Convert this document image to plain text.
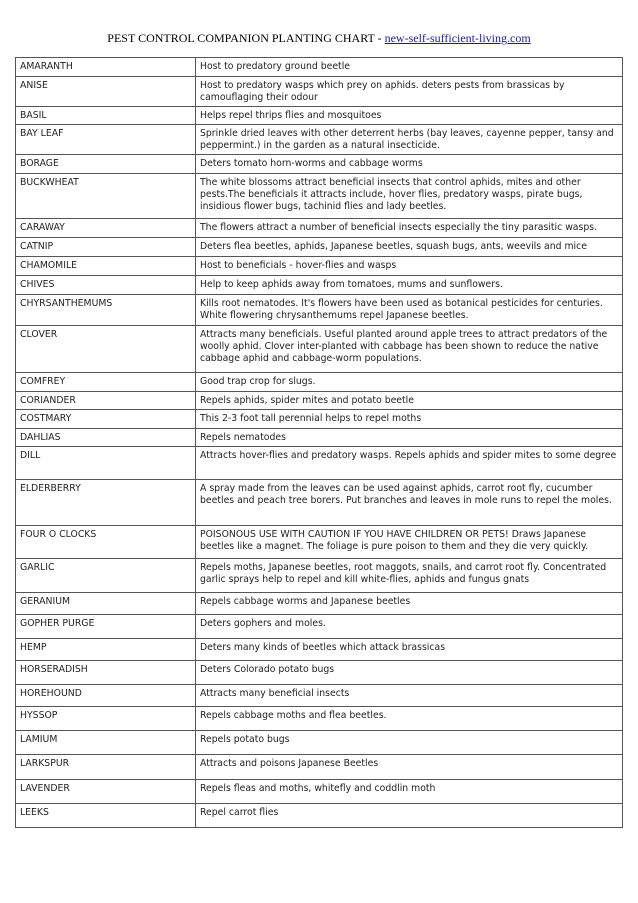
PEST CONTROL COMPANION PLANTING CHART - new-self-sufficient-living.com
AMARANTH	Host to predatory ground beetle
ANISE	Host to predatory wasps which prey on aphids. deters pests from brassicas by camouflaging their odour
BASIL	Helps repel thrips flies and mosquitoes
BAY LEAF	Sprinkle dried leaves with other deterrent herbs (bay leaves, cayenne pepper, tansy and peppermint.) in the garden as a natural insecticide.
BORAGE	Deters tomato horn-worms and cabbage worms
BUCKWHEAT	The white blossoms attract beneficial insects that control aphids, mites and other pests.The beneficials it attracts include, hover flies, predatory wasps, pirate bugs, insidious flower bugs, tachinid flies and lady beetles.
CARAWAY	The flowers attract a number of beneficial insects especially the tiny parasitic wasps.
CATNIP	Deters flea beetles, aphids, Japanese beetles, squash bugs, ants, weevils and mice
CHAMOMILE	Host to beneficials - hover-flies and wasps
CHIVES	Help to keep aphids away from tomatoes, mums and sunflowers.
CHYRSANTHEMUMS	Kills root nematodes. It's flowers have been used as botanical pesticides for centuries. White flowering chrysanthemums repel Japanese beetles.
CLOVER	Attracts many beneficials. Useful planted around apple trees to attract predators of the woolly aphid. Clover inter-planted with cabbage has been shown to reduce the native cabbage aphid and cabbage-worm populations.
COMFREY	Good trap crop for slugs.
CORIANDER	Repels aphids, spider mites and potato beetle
COSTMARY	This 2-3 foot tall perennial helps to repel moths
DAHLIAS	Repels nematodes
DILL	Attracts hover-flies and predatory wasps. Repels aphids and spider mites to some degree
ELDERBERRY	A spray made from the leaves can be used against aphids, carrot root fly, cucumber beetles and peach tree borers. Put branches and leaves in mole runs to repel the moles.
FOUR O CLOCKS	POISONOUS USE WITH CAUTION IF YOU HAVE CHILDREN OR PETS! Draws Japanese beetles like a magnet. The foliage is pure poison to them and they die very quickly.
GARLIC	Repels moths, Japanese beetles, root maggots, snails, and carrot root fly. Concentrated garlic sprays help to repel and kill white-flies, aphids and fungus gnats
GERANIUM	Repels cabbage worms and Japanese beetles
GOPHER PURGE	Deters gophers and moles.
HEMP	Deters many kinds of beetles which attack brassicas
HORSERADISH	Deters Colorado potato bugs
HOREHOUND	Attracts many beneficial insects
HYSSOP	Repels cabbage moths and flea beetles.
LAMIUM	Repels potato bugs
LARKSPUR	Attracts and poisons Japanese Beetles
LAVENDER	Repels fleas and moths, whitefly and coddlin moth
LEEKS	Repel carrot flies
